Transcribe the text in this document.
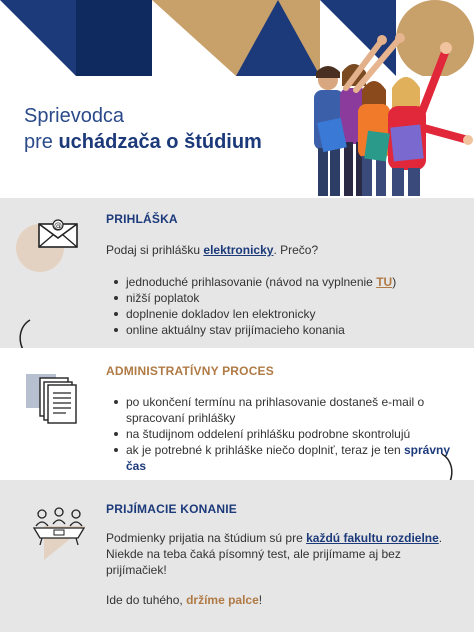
Sprievodca
pre uchádzača o štúdium
@	PRIHLÁŠKA
Podaj si prihlášku elektronicky. Prečo?
jednoduché prihlasovanie (návod na vyplnenie TU)
nižší poplatok
doplnenie dokladov len elektronicky
online aktuálny stav prijímacieho konania
ADMINISTRATÍVNY PROCES
po ukončení termínu na prihlasovanie dostaneš e-mail o spracovaní prihlášky
na študijnom oddelení prihlášku podrobne skontrolujú
ak je potrebné k prihláške niečo doplniť, teraz je ten správny čas
PRIJÍMACIE KONANIE
Podmienky prijatia na štúdium sú pre každú fakultu rozdielne. Niekde na teba čaká písomný test, ale prijímame aj bez prijímačiek!
Ide do tuhého, držíme palce!
